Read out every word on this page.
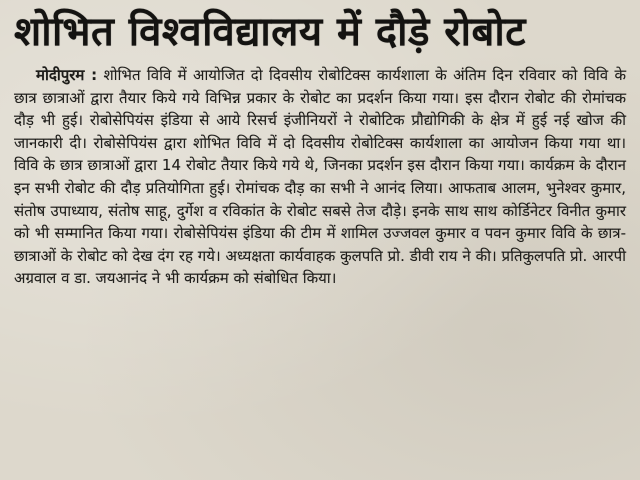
शोभित विश्वविद्यालय में दौड़े रोबोट

मोदीपुरम : शोभित विवि में आयोजित दो दिवसीय रोबोटिक्स कार्यशाला के अंतिम दिन रविवार को विवि के छात्र छात्राओं द्वारा तैयार किये गये विभिन्न प्रकार के रोबोट का प्रदर्शन किया गया। इस दौरान रोबोट की रोमांचक दौड़ भी हुई। रोबोसेपियंस इंडिया से आये रिसर्च इंजीनियरों ने रोबोटिक प्रौद्योगिकी के क्षेत्र में हुई नई खोज की जानकारी दी। रोबोसेपियंस द्वारा शोभित विवि में दो दिवसीय रोबोटिक्स कार्यशाला का आयोजन किया गया था। विवि के छात्र छात्राओं द्वारा 14 रोबोट तैयार किये गये थे, जिनका प्रदर्शन इस दौरान किया गया। कार्यक्रम के दौरान इन सभी रोबोट की दौड़ प्रतियोगिता हुई। रोमांचक दौड़ का सभी ने आनंद लिया। आफताब आलम, भुनेश्वर कुमार, संतोष उपाध्याय, संतोष साहू, दुर्गेश व रविकांत के रोबोट सबसे तेज दौड़े। इनके साथ साथ कोर्डिनेटर विनीत कुमार को भी सम्मानित किया गया। रोबोसेपियंस इंडिया की टीम में शामिल उज्जवल कुमार व पवन कुमार विवि के छात्र-छात्राओं के रोबोट को देख दंग रह गये। अध्यक्षता कार्यवाहक कुलपति प्रो. डीवी राय ने की। प्रतिकुलपति प्रो. आरपी अग्रवाल व डा. जयआनंद ने भी कार्यक्रम को संबोधित किया।
